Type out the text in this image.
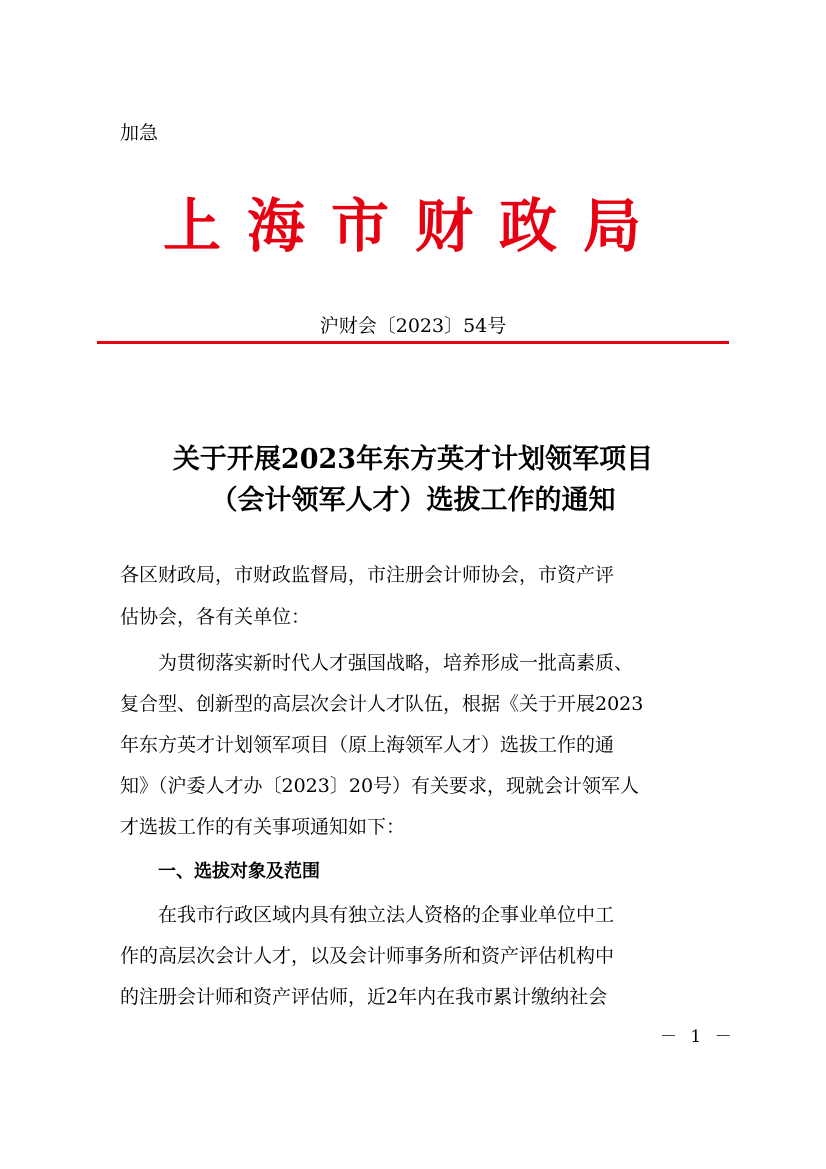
加急
上海市财政局
沪财会〔2023〕54号
关于开展2023年东方英才计划领军项目
（会计领军人才）选拔工作的通知
各区财政局，市财政监督局，市注册会计师协会，市资产评
估协会，各有关单位：
为贯彻落实新时代人才强国战略，培养形成一批高素质、
复合型、创新型的高层次会计人才队伍，根据《关于开展2023
年东方英才计划领军项目（原上海领军人才）选拔工作的通
知》（沪委人才办〔2023〕20号）有关要求，现就会计领军人
才选拔工作的有关事项通知如下：
一、选拔对象及范围
在我市行政区域内具有独立法人资格的企事业单位中工
作的高层次会计人才，以及会计师事务所和资产评估机构中
的注册会计师和资产评估师，近2年内在我市累计缴纳社会
－ 1 －
